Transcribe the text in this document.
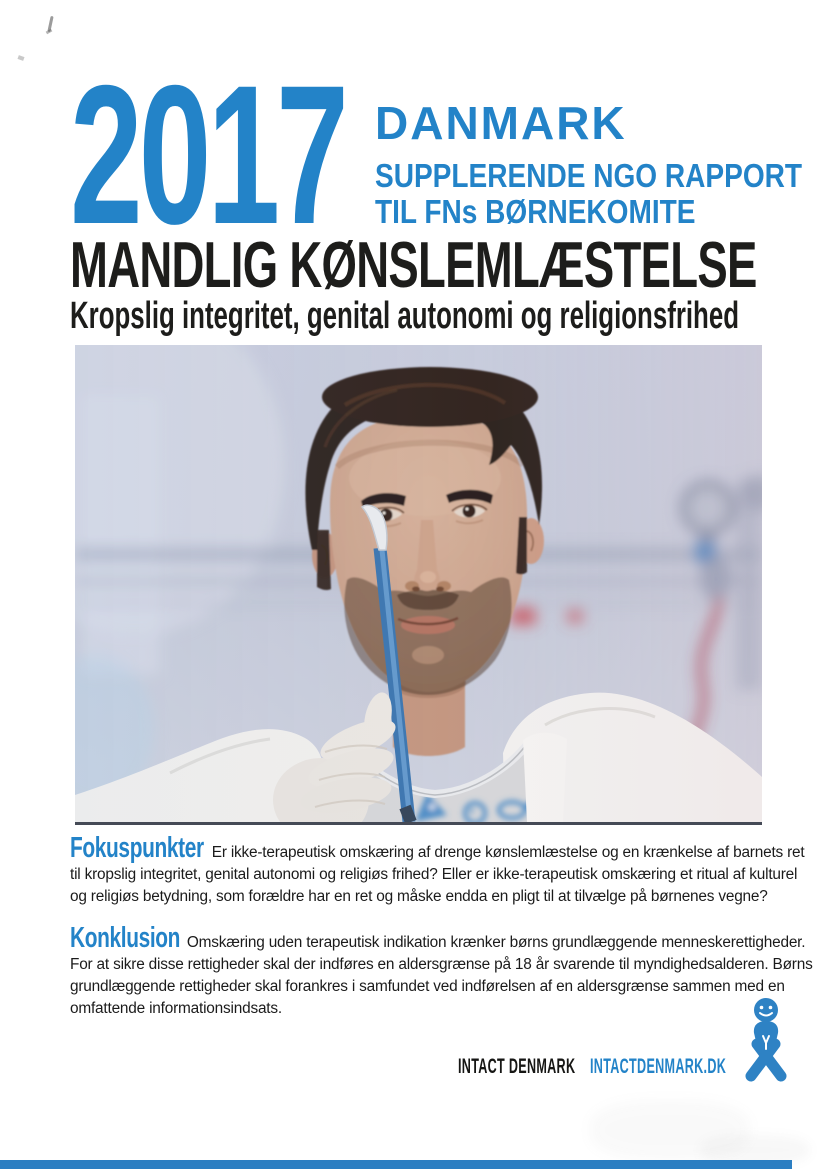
2017 DANMARK
SUPPLERENDE NGO RAPPORT
TIL FNs BØRNEKOMITE
MANDLIG KØNSLEMLÆSTELSE
Kropslig integritet, genital autonomi og religionsfrihed

Fokuspunkter Er ikke-terapeutisk omskæring af drenge kønslemlæstelse og en krænkelse af barnets ret til kropslig integritet, genital autonomi og religiøs frihed? Eller er ikke-terapeutisk omskæring et ritual af kulturel og religiøs betydning, som forældre har en ret og måske endda en pligt til at tilvælge på børnenes vegne?

Konklusion Omskæring uden terapeutisk indikation krænker børns grundlæggende menneskerettigheder. For at sikre disse rettigheder skal der indføres en aldersgrænse på 18 år svarende til myndighedsalderen. Børns grundlæggende rettigheder skal forankres i samfundet ved indførelsen af en aldersgrænse sammen med en omfattende informationsindsats.

INTACT DENMARK INTACTDENMARK.DK
